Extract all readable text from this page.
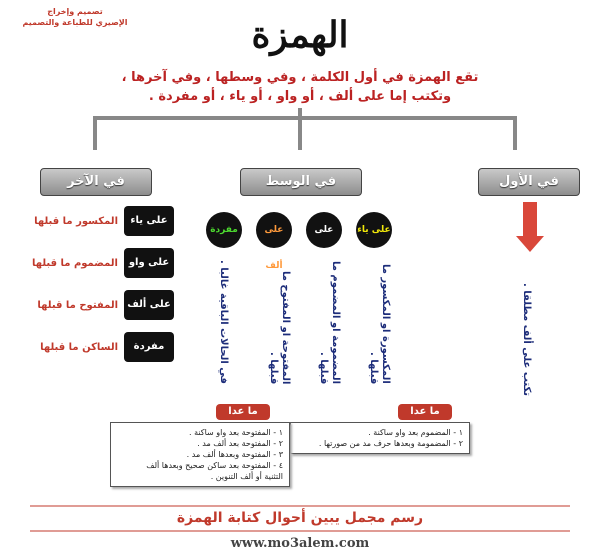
تصميم وإخراج
الإصيري للطباعة والتصميم	الهمزة
تقع الهمزة في أول الكلمة ، وفي وسطها ، وفي آخرها ،
وتكتب إما على ألف ، أو واو ، أو ياء ، أو مفردة .
في الأول
في الوسط
في الآخر
تكتب على ألف مطلقا .
على ياء
على واو
على ألف
مفردة
المكسورة او المكسور ما قبلها .
المضمومة او المضموم ما قبلها .
المفتوحة او المفتوح ما قبلها .
في الحالات الباقية غالبا .
على ياء
المكسور ما قبلها
على واو
المضموم ما قبلها
على ألف
المفتوح ما قبلها
مفردة
الساكن ما قبلها
ما عدا
١ - المضموم بعد واو ساكنة .
٢ - المضمومة وبعدها حرف مد من صورتها .
ما عدا
١ - المفتوحة بعد واو ساكنة .
٢ - المفتوحة بعد ألف مد .
٣ - المفتوحة وبعدها ألف مد .
٤ - المفتوحة بعد ساكن صحيح وبعدها ألف
التثنية أو ألف التنوين .
رسم مجمل يبين أحوال كتابة الهمزة
www.mo3alem.com
